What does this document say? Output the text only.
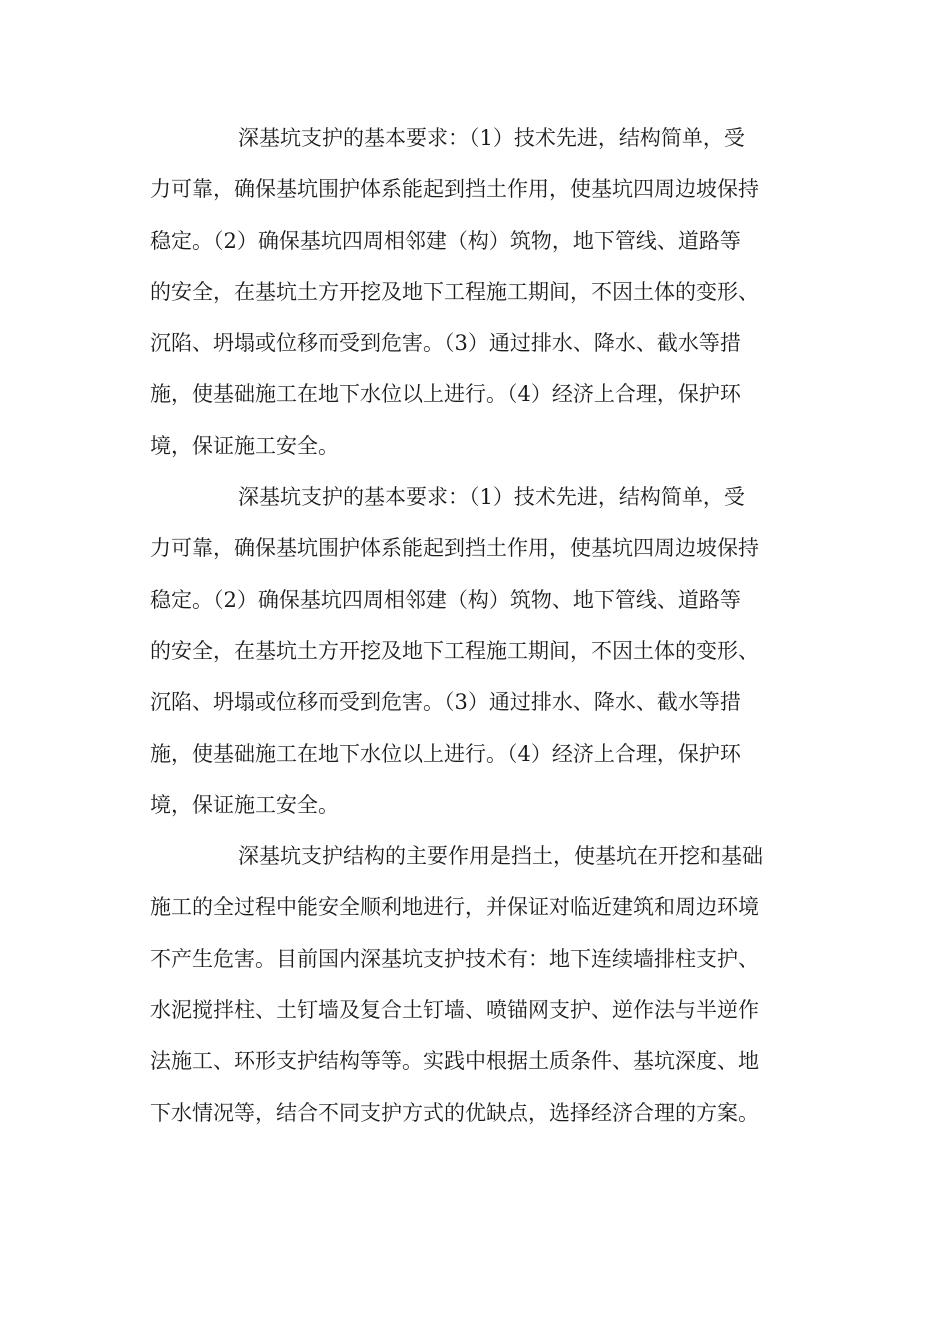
深基坑支护的基本要求：（1）技术先进，结构简单，受
力可靠，确保基坑围护体系能起到挡土作用，使基坑四周边坡保持
稳定。（2）确保基坑四周相邻建（构）筑物，地下管线、道路等
的安全，在基坑土方开挖及地下工程施工期间，不因土体的变形、
沉陷、坍塌或位移而受到危害。（3）通过排水、降水、截水等措
施，使基础施工在地下水位以上进行。（4）经济上合理，保护环
境，保证施工安全。

深基坑支护的基本要求：（1）技术先进，结构简单，受
力可靠，确保基坑围护体系能起到挡土作用，使基坑四周边坡保持
稳定。（2）确保基坑四周相邻建（构）筑物、地下管线、道路等
的安全，在基坑土方开挖及地下工程施工期间，不因土体的变形、
沉陷、坍塌或位移而受到危害。（3）通过排水、降水、截水等措
施，使基础施工在地下水位以上进行。（4）经济上合理，保护环
境，保证施工安全。

深基坑支护结构的主要作用是挡土，使基坑在开挖和基础
施工的全过程中能安全顺利地进行，并保证对临近建筑和周边环境
不产生危害。目前国内深基坑支护技术有：地下连续墙排柱支护、
水泥搅拌柱、土钉墙及复合土钉墙、喷锚网支护、逆作法与半逆作
法施工、环形支护结构等等。实践中根据土质条件、基坑深度、地
下水情况等，结合不同支护方式的优缺点，选择经济合理的方案。
